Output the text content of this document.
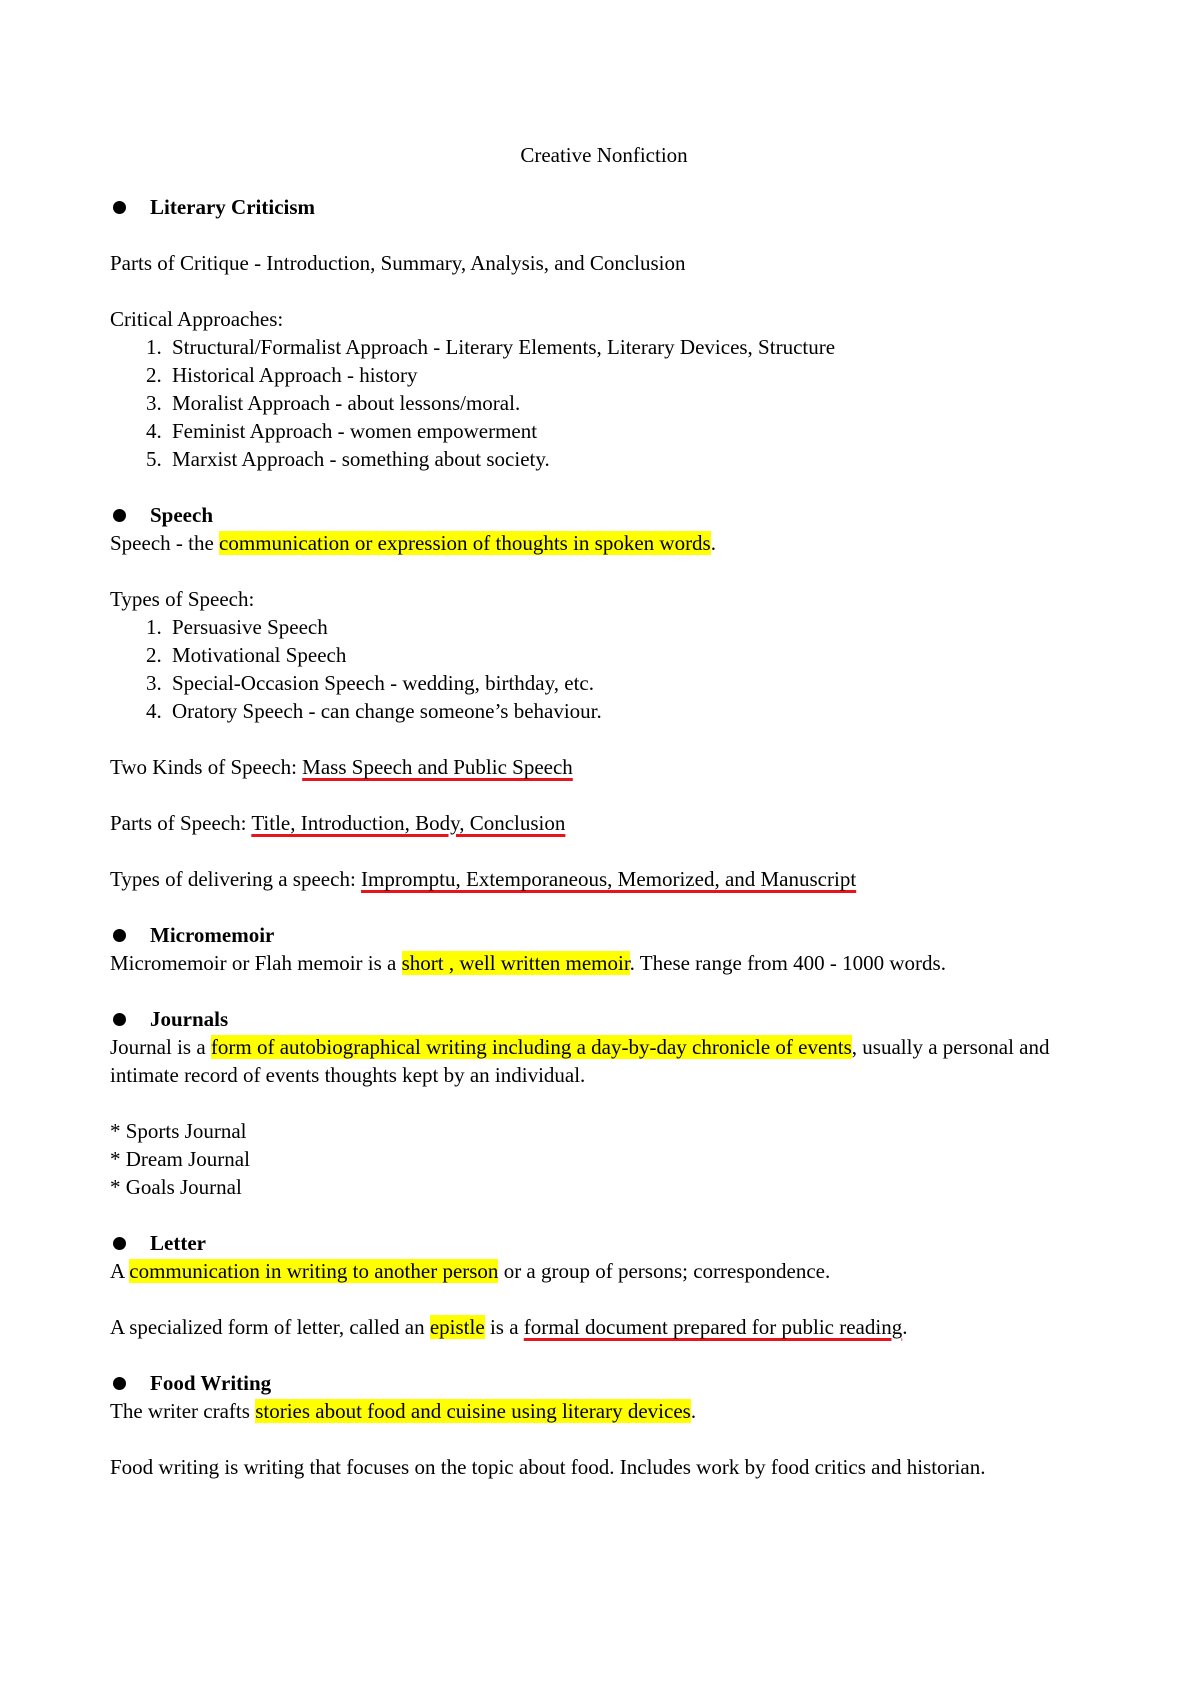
Creative Nonfiction

Literary Criticism

Parts of Critique - Introduction, Summary, Analysis, and Conclusion

Critical Approaches:

1. Structural/Formalist Approach - Literary Elements, Literary Devices, Structure
2. Historical Approach - history
3. Moralist Approach - about lessons/moral.
4. Feminist Approach - women empowerment
5. Marxist Approach - something about society.
Speech

Speech - the communication or expression of thoughts in spoken words.

Types of Speech:

1. Persuasive Speech
2. Motivational Speech
3. Special-Occasion Speech - wedding, birthday, etc.
4. Oratory Speech - can change someone’s behaviour.

Two Kinds of Speech: Mass Speech and Public Speech

Parts of Speech: Title, Introduction, Body, Conclusion

Types of delivering a speech: Impromptu, Extemporaneous, Memorized, and Manuscript

Micromemoir

Micromemoir or Flah memoir is a short , well written memoir. These range from 400 - 1000 words.

Journals

Journal is a form of autobiographical writing including a day-by-day chronicle of events, usually a personal and intimate record of events thoughts kept by an individual.

* Sports Journal

* Dream Journal

* Goals Journal

Letter

A communication in writing to another person or a group of persons; correspondence.

A specialized form of letter, called an epistle is a formal document prepared for public reading.

Food Writing

The writer crafts stories about food and cuisine using literary devices.

Food writing is writing that focuses on the topic about food. Includes work by food critics and historian.
